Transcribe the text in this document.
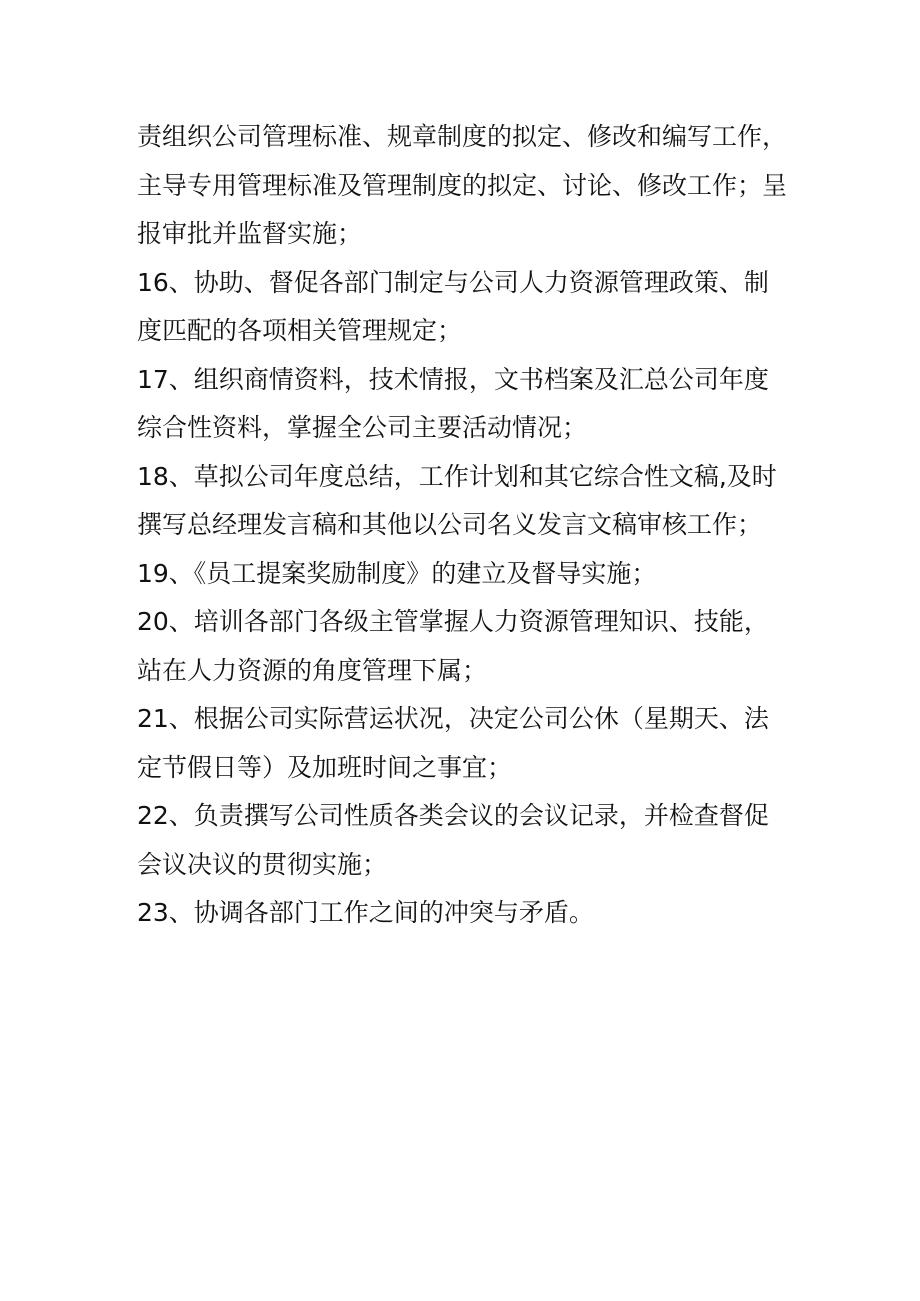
责组织公司管理标准、规章制度的拟定、修改和编写工作，
主导专用管理标准及管理制度的拟定、讨论、修改工作；呈
报审批并监督实施；
16、协助、督促各部门制定与公司人力资源管理政策、制
度匹配的各项相关管理规定；
17、组织商情资料，技术情报，文书档案及汇总公司年度
综合性资料，掌握全公司主要活动情况；
18、草拟公司年度总结，工作计划和其它综合性文稿,及时
撰写总经理发言稿和其他以公司名义发言文稿审核工作；
19、《员工提案奖励制度》的建立及督导实施；
20、培训各部门各级主管掌握人力资源管理知识、技能，
站在人力资源的角度管理下属；
21、根据公司实际营运状况，决定公司公休（星期天、法
定节假日等）及加班时间之事宜；
22、负责撰写公司性质各类会议的会议记录，并检查督促
会议决议的贯彻实施；
23、协调各部门工作之间的冲突与矛盾。
